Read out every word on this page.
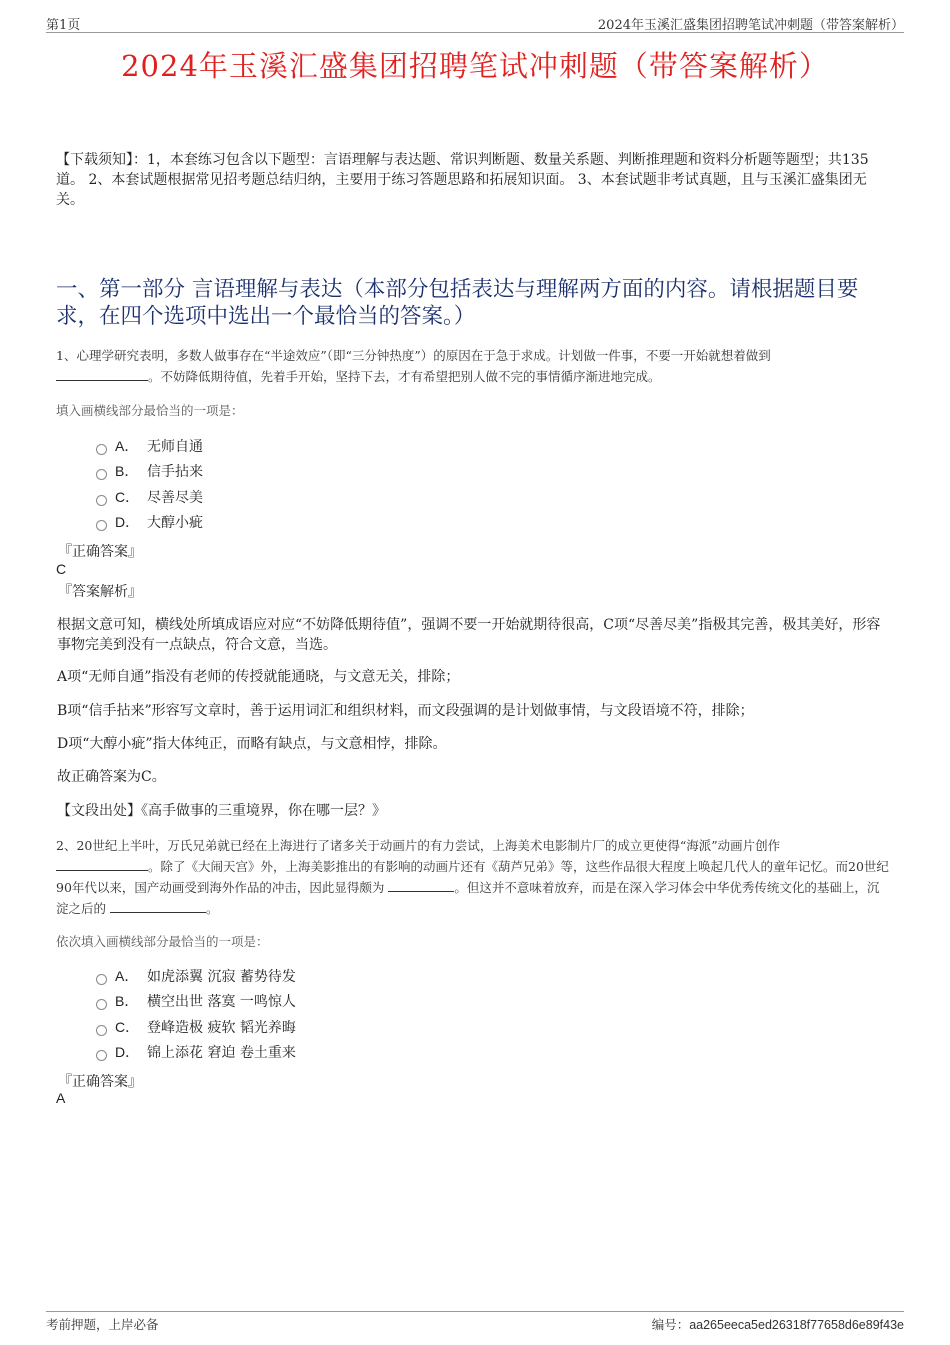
第1页	2024年玉溪汇盛集团招聘笔试冲刺题（带答案解析）
2024年玉溪汇盛集团招聘笔试冲刺题（带答案解析）
【下载须知】：1，本套练习包含以下题型：言语理解与表达题、常识判断题、数量关系题、判断推理题和资料分析题等题型；共135道。 2、本套试题根据常见招考题总结归纳，主要用于练习答题思路和拓展知识面。 3、本套试题非考试真题，且与玉溪汇盛集团无关。
一、第一部分 言语理解与表达（本部分包括表达与理解两方面的内容。请根据题目要求，在四个选项中选出一个最恰当的答案。）
1、心理学研究表明，多数人做事存在“半途效应”（即“三分钟热度”）的原因在于急于求成。计划做一件事，不要一开始就想着做到
。不妨降低期待值，先着手开始，坚持下去，才有希望把别人做不完的事情循序渐进地完成。
填入画横线部分最恰当的一项是：
A． 无师自通
B． 信手拈来
C． 尽善尽美
D． 大醇小疵
『正确答案』
C
『答案解析』
根据文意可知，横线处所填成语应对应“不妨降低期待值”，强调不要一开始就期待很高，C项“尽善尽美”指极其完善，极其美好，形容事物完美到没有一点缺点，符合文意，当选。
A项“无师自通”指没有老师的传授就能通晓，与文意无关，排除；
B项“信手拈来”形容写文章时，善于运用词汇和组织材料，而文段强调的是计划做事情，与文段语境不符，排除；
D项“大醇小疵”指大体纯正，而略有缺点，与文意相悖，排除。
故正确答案为C。
【文段出处】《高手做事的三重境界，你在哪一层？》
2、20世纪上半叶，万氏兄弟就已经在上海进行了诸多关于动画片的有力尝试，上海美术电影制片厂的成立更使得“海派”动画片创作
。除了《大闹天宫》外，上海美影推出的有影响的动画片还有《葫芦兄弟》等，这些作品很大程度上唤起几代人的童年记忆。而20世纪90年代以来，国产动画受到海外作品的冲击，因此显得颇为	。但这并不意味着放弃，而是在深入学习体会中华优秀传统文化的基础上，沉淀之后的	。
依次填入画横线部分最恰当的一项是：
A． 如虎添翼 沉寂 蓄势待发
B． 横空出世 落寞 一鸣惊人
C． 登峰造极 疲软 韬光养晦
D． 锦上添花 窘迫 卷土重来
『正确答案』
A
考前押题，上岸必备	编号：aa265eeca5ed26318f77658d6e89f43e
